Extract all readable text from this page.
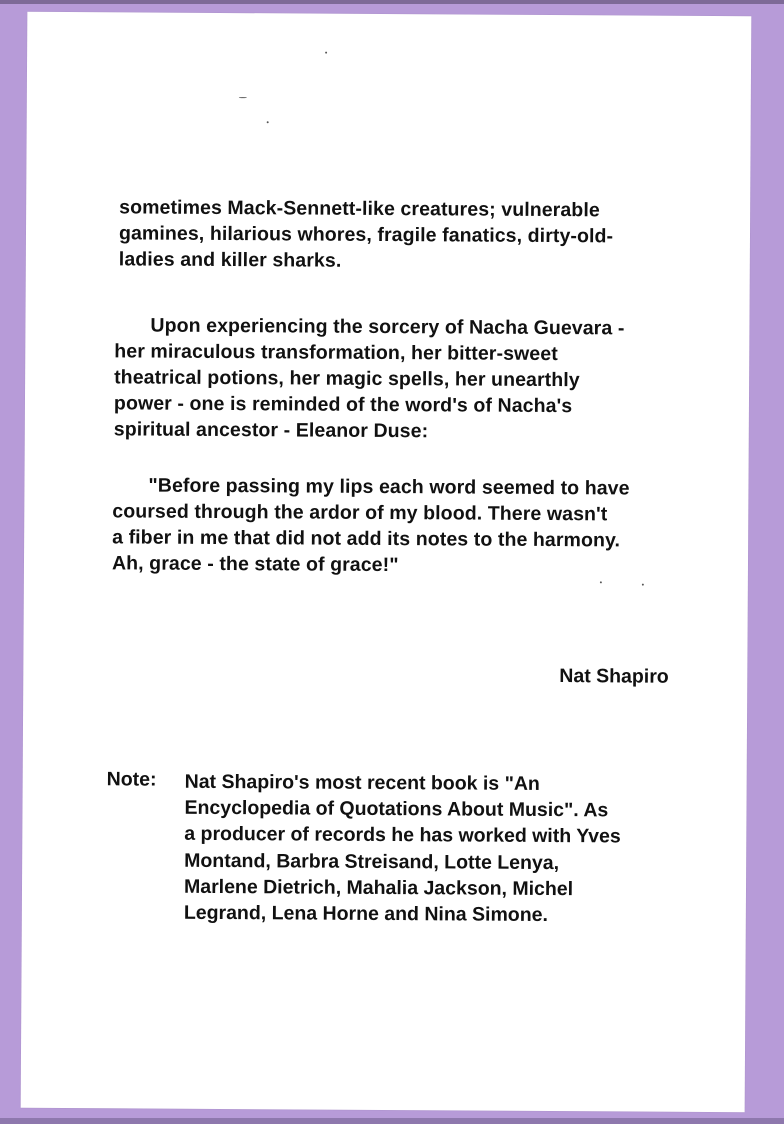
sometimes Mack-Sennett-like creatures; vulnerable
gamines, hilarious whores, fragile fanatics, dirty-old-
ladies and killer sharks.

Upon experiencing the sorcery of Nacha Guevara -
her miraculous transformation, her bitter-sweet
theatrical potions, her magic spells, her unearthly
power - one is reminded of the word's of Nacha's
spiritual ancestor - Eleanor Duse:

"Before passing my lips each word seemed to have
coursed through the ardor of my blood. There wasn't
a fiber in me that did not add its notes to the harmony.
Ah, grace - the state of grace!"

Nat Shapiro

Note: Nat Shapiro's most recent book is "An
Encyclopedia of Quotations About Music". As
a producer of records he has worked with Yves
Montand, Barbra Streisand, Lotte Lenya,
Marlene Dietrich, Mahalia Jackson, Michel
Legrand, Lena Horne and Nina Simone.
